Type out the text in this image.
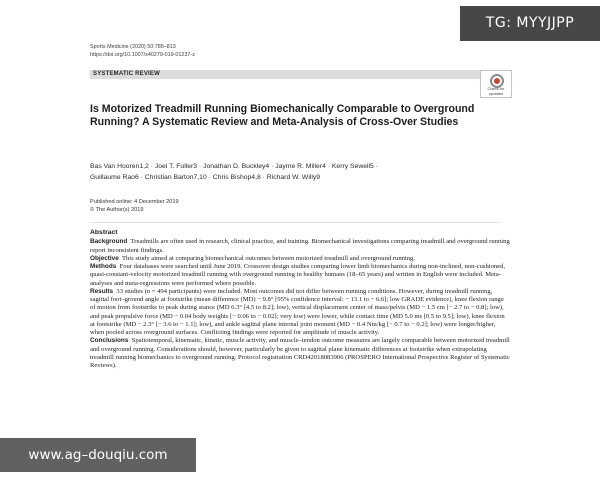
Sports Medicine (2020) 50:785–813
https://doi.org/10.1007/s40279-019-01237-z
SYSTEMATIC REVIEW
Check for
updates
Is Motorized Treadmill Running Biomechanically Comparable to Overground Running? A Systematic Review and Meta-Analysis of Cross-Over Studies
Bas Van Hooren1,2 · Joel T. Fuller3 · Jonathan D. Buckley4 · Jayme R. Miller4 · Kerry Sewell5 ·
Guillaume Rao6 · Christian Barton7,10 · Chris Bishop4,8 · Richard W. Willy9
Published online: 4 December 2019
© The Author(s) 2019
Abstract

Background Treadmills are often used in research, clinical practice, and training. Biomechanical investigations comparing treadmill and overground running report inconsistent findings.

Objective This study aimed at comparing biomechanical outcomes between motorized treadmill and overground running.

Methods Four databases were searched until June 2019. Crossover design studies comparing lower limb biomechanics during non-inclined, non-cushioned, quasi-constant-velocity motorized treadmill running with overground running in healthy humans (18–65 years) and written in English were included. Meta-analyses and meta-regressions were performed where possible.

Results 33 studies (n = 494 participants) were included. Most outcomes did not differ between running conditions. However, during treadmill running, sagittal foot–ground angle at footstrike (mean difference (MD) − 9.8° [95% confidence interval: − 13.1 to − 6.6]; low GRADE evidence), knee flexion range of motion from footstrike to peak during stance (MD 6.3° [4.5 to 8.2]; low), vertical displacement center of mass/pelvis (MD − 1.5 cm [− 2.7 to − 0.8]; low), and peak propulsive force (MD − 0.04 body weights [− 0.06 to − 0.02]; very low) were lower, while contact time (MD 5.0 ms [0.5 to 9.5]; low), knee flexion at footstrike (MD − 2.3° [− 3.6 to − 1.1]; low), and ankle sagittal plane internal joint moment (MD − 0.4 Nm/kg [− 0.7 to − 0.2]; low) were longer/higher, when pooled across overground surfaces. Conflicting findings were reported for amplitude of muscle activity.

Conclusions Spatiotemporal, kinematic, kinetic, muscle activity, and muscle–tendon outcome measures are largely comparable between motorized treadmill and overground running. Considerations should, however, particularly be given to sagittal plane kinematic differences at footstrike when extrapolating treadmill running biomechanics to overground running. Protocol registration CRD42018083906 (PROSPERO International Prospective Register of Systematic Reviews).

TG: MYYJJPP
www.ag–douqiu.com
